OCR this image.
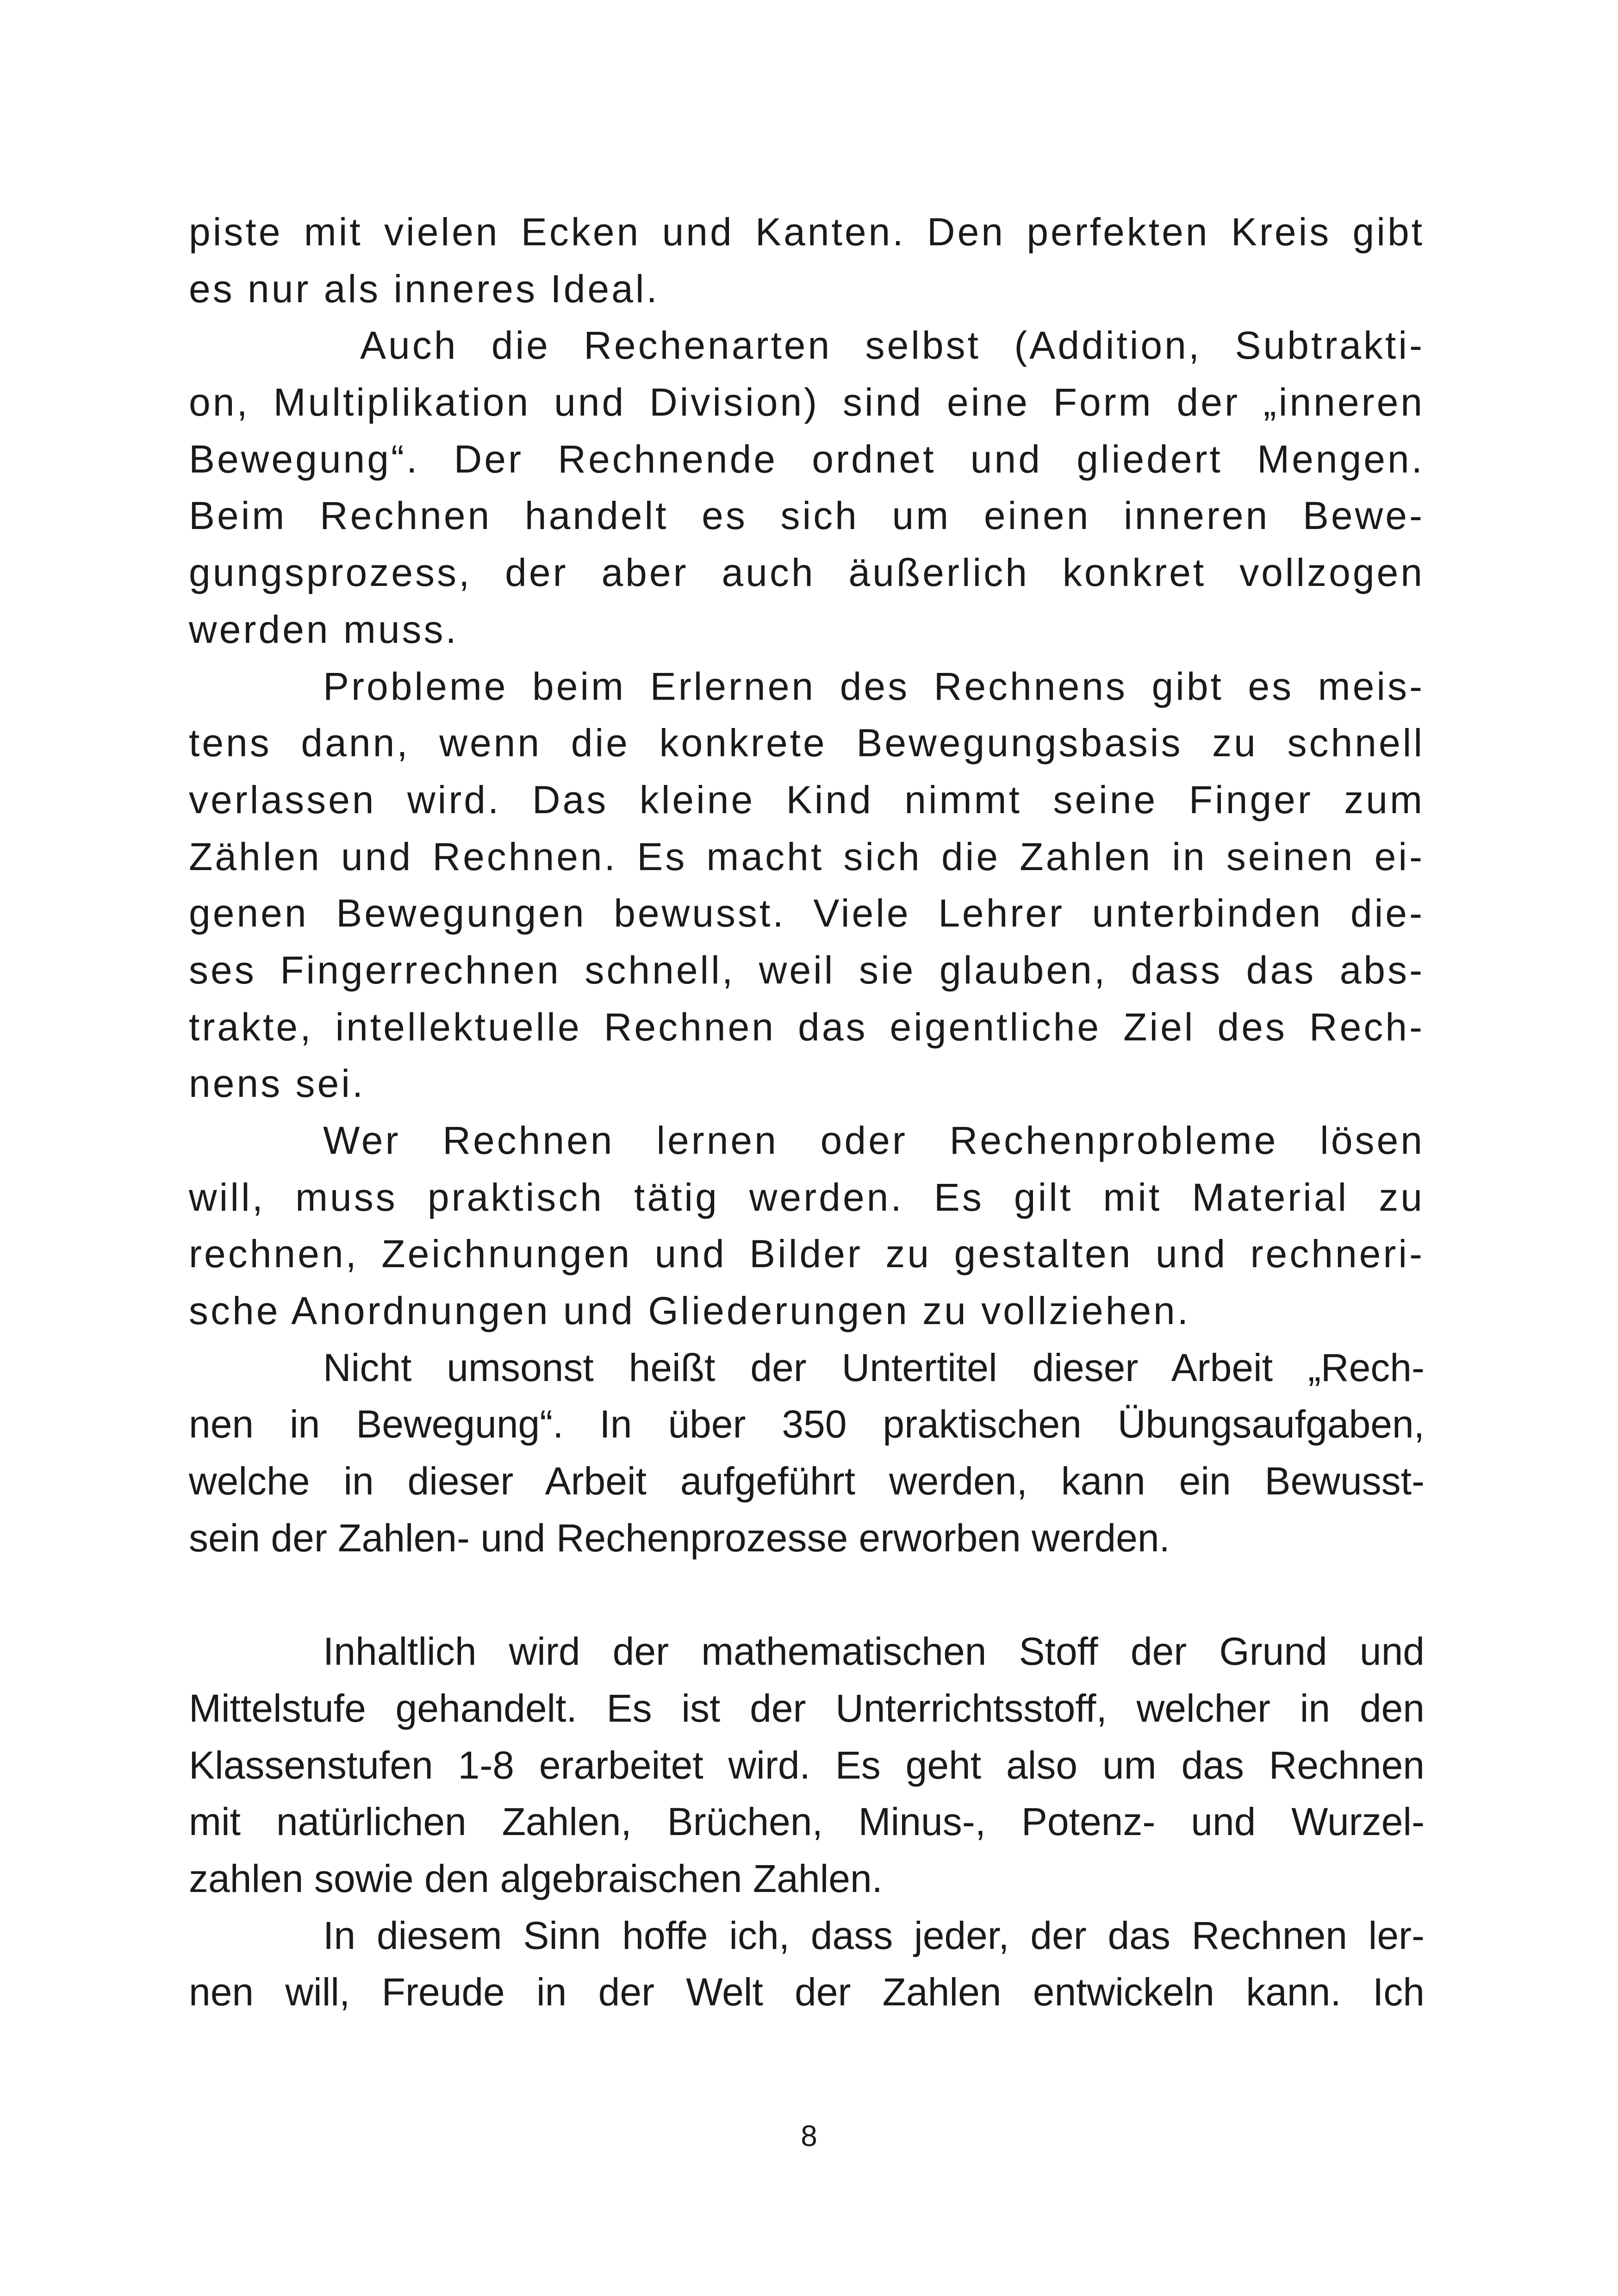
piste mit vielen Ecken und Kanten. Den perfekten Kreis gibt
es nur als inneres Ideal.
Auch die Rechenarten selbst (Addition, Subtrakti-
on, Multiplikation und Division) sind eine Form der „inneren
Bewegung“. Der Rechnende ordnet und gliedert Mengen.
Beim Rechnen handelt es sich um einen inneren Bewe-
gungsprozess, der aber auch äußerlich konkret vollzogen
werden muss.
Probleme beim Erlernen des Rechnens gibt es meis-
tens dann, wenn die konkrete Bewegungsbasis zu schnell
verlassen wird. Das kleine Kind nimmt seine Finger zum
Zählen und Rechnen. Es macht sich die Zahlen in seinen ei-
genen Bewegungen bewusst. Viele Lehrer unterbinden die-
ses Fingerrechnen schnell, weil sie glauben, dass das abs-
trakte, intellektuelle Rechnen das eigentliche Ziel des Rech-
nens sei.
Wer Rechnen lernen oder Rechenprobleme lösen
will, muss praktisch tätig werden. Es gilt mit Material zu
rechnen, Zeichnungen und Bilder zu gestalten und rechneri-
sche Anordnungen und Gliederungen zu vollziehen.
Nicht umsonst heißt der Untertitel dieser Arbeit „Rech-
nen in Bewegung“. In über 350 praktischen Übungsaufgaben,
welche in dieser Arbeit aufgeführt werden, kann ein Bewusst-
sein der Zahlen- und Rechenprozesse erworben werden.
Inhaltlich wird der mathematischen Stoff der Grund und
Mittelstufe gehandelt. Es ist der Unterrichtsstoff, welcher in den
Klassenstufen 1-8 erarbeitet wird. Es geht also um das Rechnen
mit natürlichen Zahlen, Brüchen, Minus-, Potenz- und Wurzel-
zahlen sowie den algebraischen Zahlen.
In diesem Sinn hoffe ich, dass jeder, der das Rechnen ler-
nen will, Freude in der Welt der Zahlen entwickeln kann. Ich
8
